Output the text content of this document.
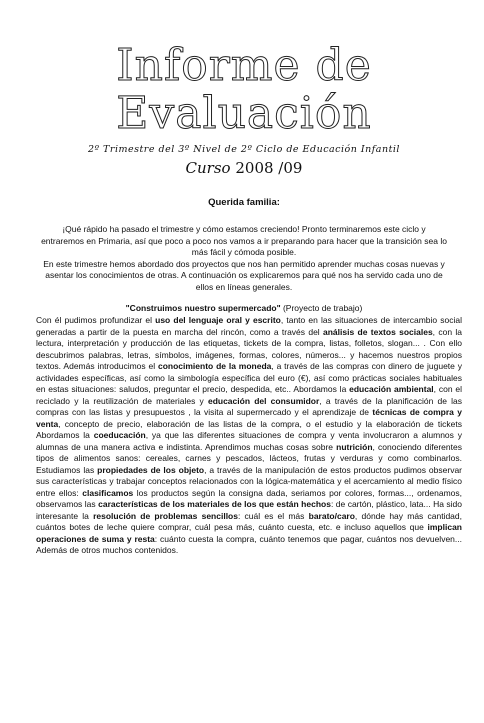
Informe de Evaluación
2º Trimestre del 3º Nivel de 2º Ciclo de Educación Infantil
Curso 2008 /09
Querida familia:
¡Qué rápido ha pasado el trimestre y cómo estamos creciendo! Pronto terminaremos este ciclo y entraremos en Primaria, así que poco a poco nos vamos a ir preparando para hacer que la transición sea lo más fácil y cómoda posible.
En este trimestre hemos abordado dos proyectos que nos han permitido aprender muchas cosas nuevas y asentar los conocimientos de otras. A continuación os explicaremos para qué nos ha servido cada uno de ellos en líneas generales.
"Construimos nuestro supermercado" (Proyecto de trabajo)
Con él pudimos profundizar el uso del lenguaje oral y escrito, tanto en las situaciones de intercambio social generadas a partir de la puesta en marcha del rincón, como a través del análisis de textos sociales, con la lectura, interpretación y producción de las etiquetas, tickets de la compra, listas, folletos, slogan... . Con ello descubrimos palabras, letras, símbolos, imágenes, formas, colores, números... y hacemos nuestros propios textos. Además introducimos el conocimiento de la moneda, a través de las compras con dinero de juguete y actividades específicas, así como la simbología específica del euro (€), así como prácticas sociales habituales en estas situaciones: saludos, preguntar el precio, despedida, etc.. Abordamos la educación ambiental, con el reciclado y la reutilización de materiales y educación del consumidor, a través de la planificación de las compras con las listas y presupuestos , la visita al supermercado y el aprendizaje de técnicas de compra y venta, concepto de precio, elaboración de las listas de la compra, o el estudio y la elaboración de tickets Abordamos la coeducación, ya que las diferentes situaciones de compra y venta involucraron a alumnos y alumnas de una manera activa e indistinta. Aprendimos muchas cosas sobre nutrición, conociendo diferentes tipos de alimentos sanos: cereales, carnes y pescados, lácteos, frutas y verduras y como combinarlos. Estudiamos las propiedades de los objeto, a través de la manipulación de estos productos pudimos observar sus características y trabajar conceptos relacionados con la lógica-matemática y el acercamiento al medio físico entre ellos: clasificamos los productos según la consigna dada, seriamos por colores, formas..., ordenamos, observamos las características de los materiales de los que están hechos: de cartón, plástico, lata... Ha sido interesante la resolución de problemas sencillos: cuál es el más barato/caro, dónde hay más cantidad, cuántos botes de leche quiere comprar, cuál pesa más, cuánto cuesta, etc. e incluso aquellos que implican operaciones de suma y resta: cuánto cuesta la compra, cuánto tenemos que pagar, cuántos nos devuelven... Además de otros muchos contenidos.
